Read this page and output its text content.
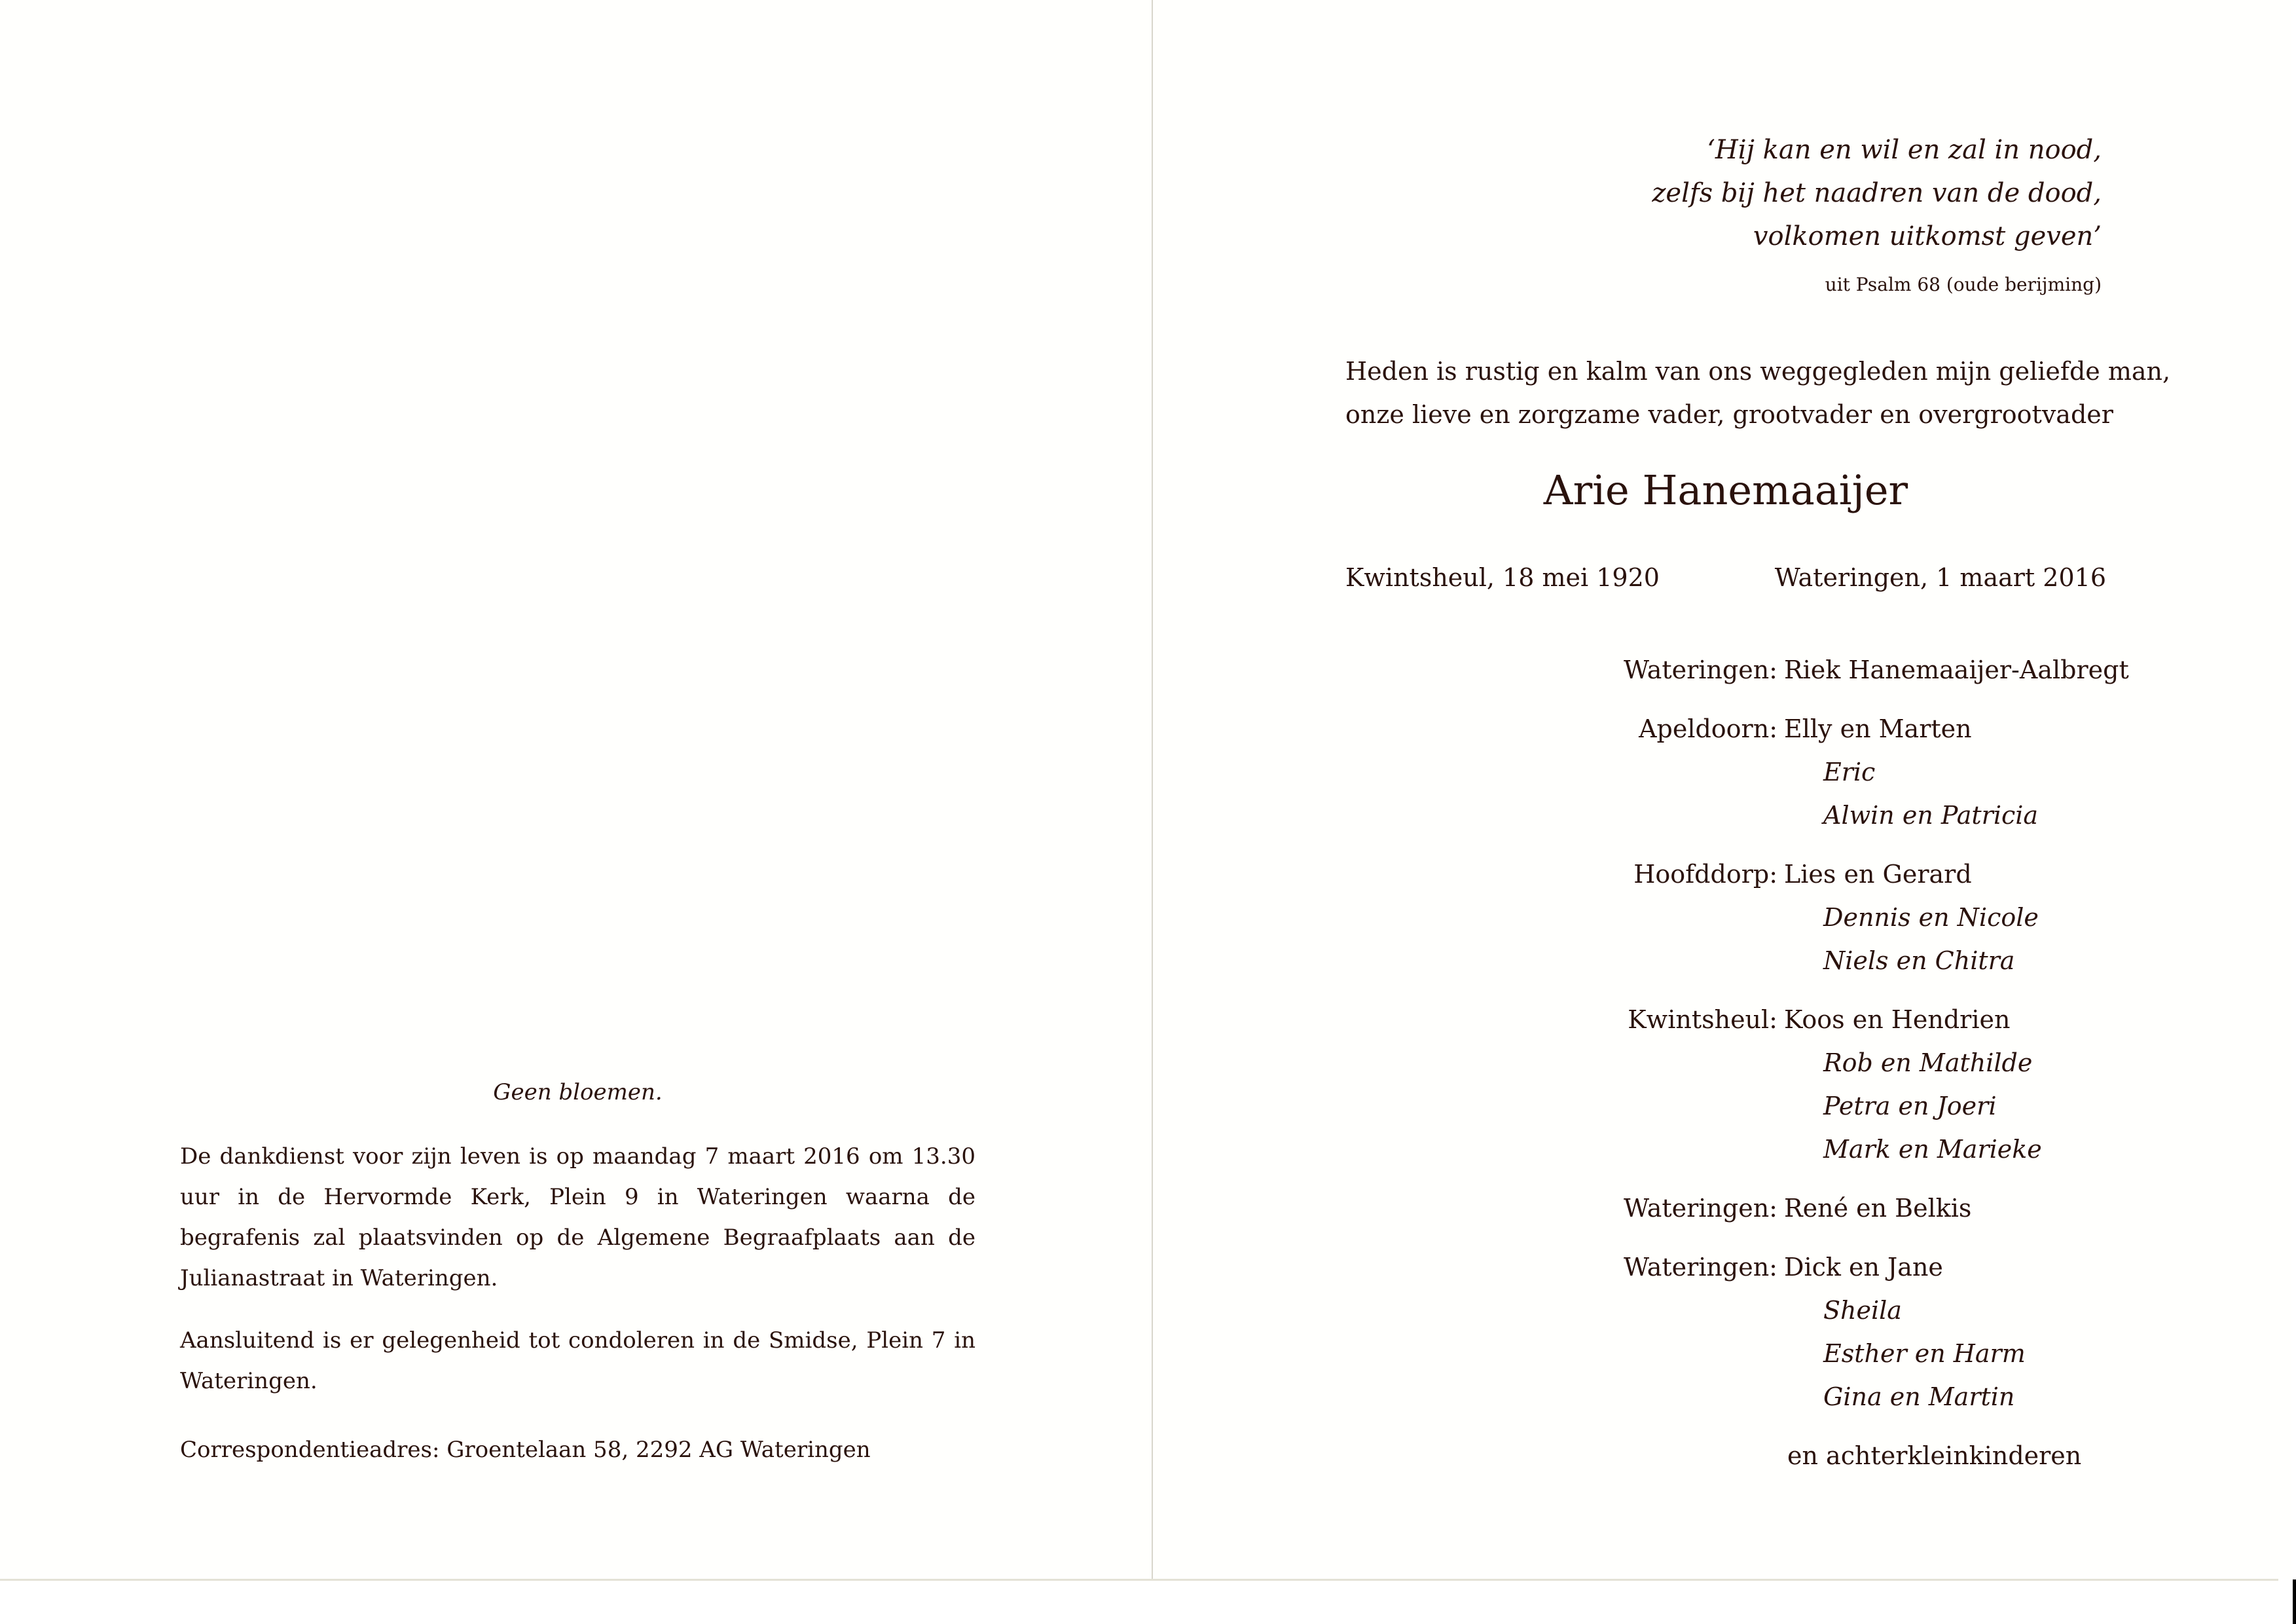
Geen bloemen.
De dankdienst voor zijn leven is op maandag 7 maart 2016 om 13.30 uur in de Hervormde Kerk, Plein 9 in Wateringen waarna de begrafenis zal plaatsvinden op de Algemene Begraafplaats aan de Julianastraat in Wateringen.
Aansluitend is er gelegenheid tot condoleren in de Smidse, Plein 7 in Wateringen.
Correspondentieadres: Groentelaan 58, 2292 AG Wateringen
‘Hij kan en wil en zal in nood,
zelfs bij het naadren van de dood,
volkomen uitkomst geven’
uit Psalm 68 (oude berijming)
Heden is rustig en kalm van ons weggegleden mijn geliefde man,
onze lieve en zorgzame vader, grootvader en overgrootvader
Arie Hanemaaijer
Kwintsheul, 18 mei 1920	Wateringen, 1 maart 2016
Wateringen: Riek Hanemaaijer-Aalbregt
Apeldoorn: Elly en Marten
Eric
Alwin en Patricia
Hoofddorp: Lies en Gerard
Dennis en Nicole
Niels en Chitra
Kwintsheul: Koos en Hendrien
Rob en Mathilde
Petra en Joeri
Mark en Marieke
Wateringen: René en Belkis
Wateringen: Dick en Jane
Sheila
Esther en Harm
Gina en Martin
en achterkleinkinderen
